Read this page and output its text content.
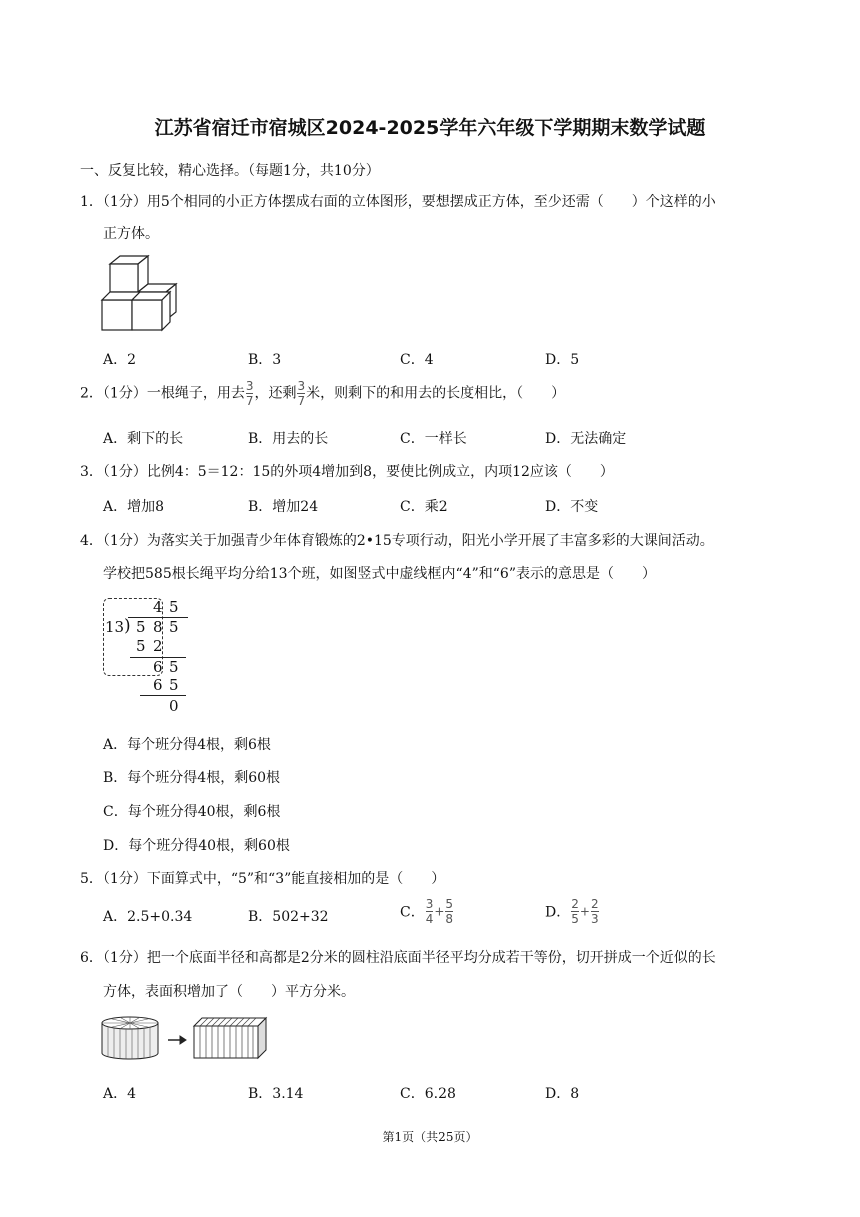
江苏省宿迁市宿城区2024-2025学年六年级下学期期末数学试题
一、反复比较，精心选择。（每题1分，共10分）
1．（1分）用5个相同的小正方体摆成右面的立体图形，要想摆成正方体，至少还需（　　）个这样的小
正方体。
A．2	B．3	C．4	D．5
2．（1分）一根绳子，用去 $\frac{3}{7}$ ，还剩 $\frac{3}{7}$ 米，则剩下的和用去的长度相比，（　　）
A．剩下的长	B．用去的长	C．一样长	D．无法确定
3．（1分）比例4：5＝12：15的外项4增加到8，要使比例成立，内项12应该（　　）
A．增加8	B．增加24	C．乘2	D．不变
4．（1分）为落实关于加强青少年体育锻炼的2•15专项行动，阳光小学开展了丰富多彩的大课间活动。
学校把585根长绳平均分给13个班，如图竖式中虚线框内“4”和“6”表示的意思是（　　）
4 5
13 ) 5 8 5
5 2
6 5
6 5
0
A．每个班分得4根，剩6根
B．每个班分得4根，剩60根
C．每个班分得40根，剩6根
D．每个班分得40根，剩60根
5．（1分）下面算式中，“5”和“3”能直接相加的是（　　）
A．2.5+0.34	B．502+32	C． $\frac{3}{4} + \frac{5}{8}$	D． $\frac{2}{5} + \frac{2}{3}$
6．（1分）把一个底面半径和高都是2分米的圆柱沿底面半径平均分成若干等份，切开拼成一个近似的长
方体，表面积增加了（　　）平方分米。
A．4	B．3.14	C．6.28	D．8
第1页（共25页）
